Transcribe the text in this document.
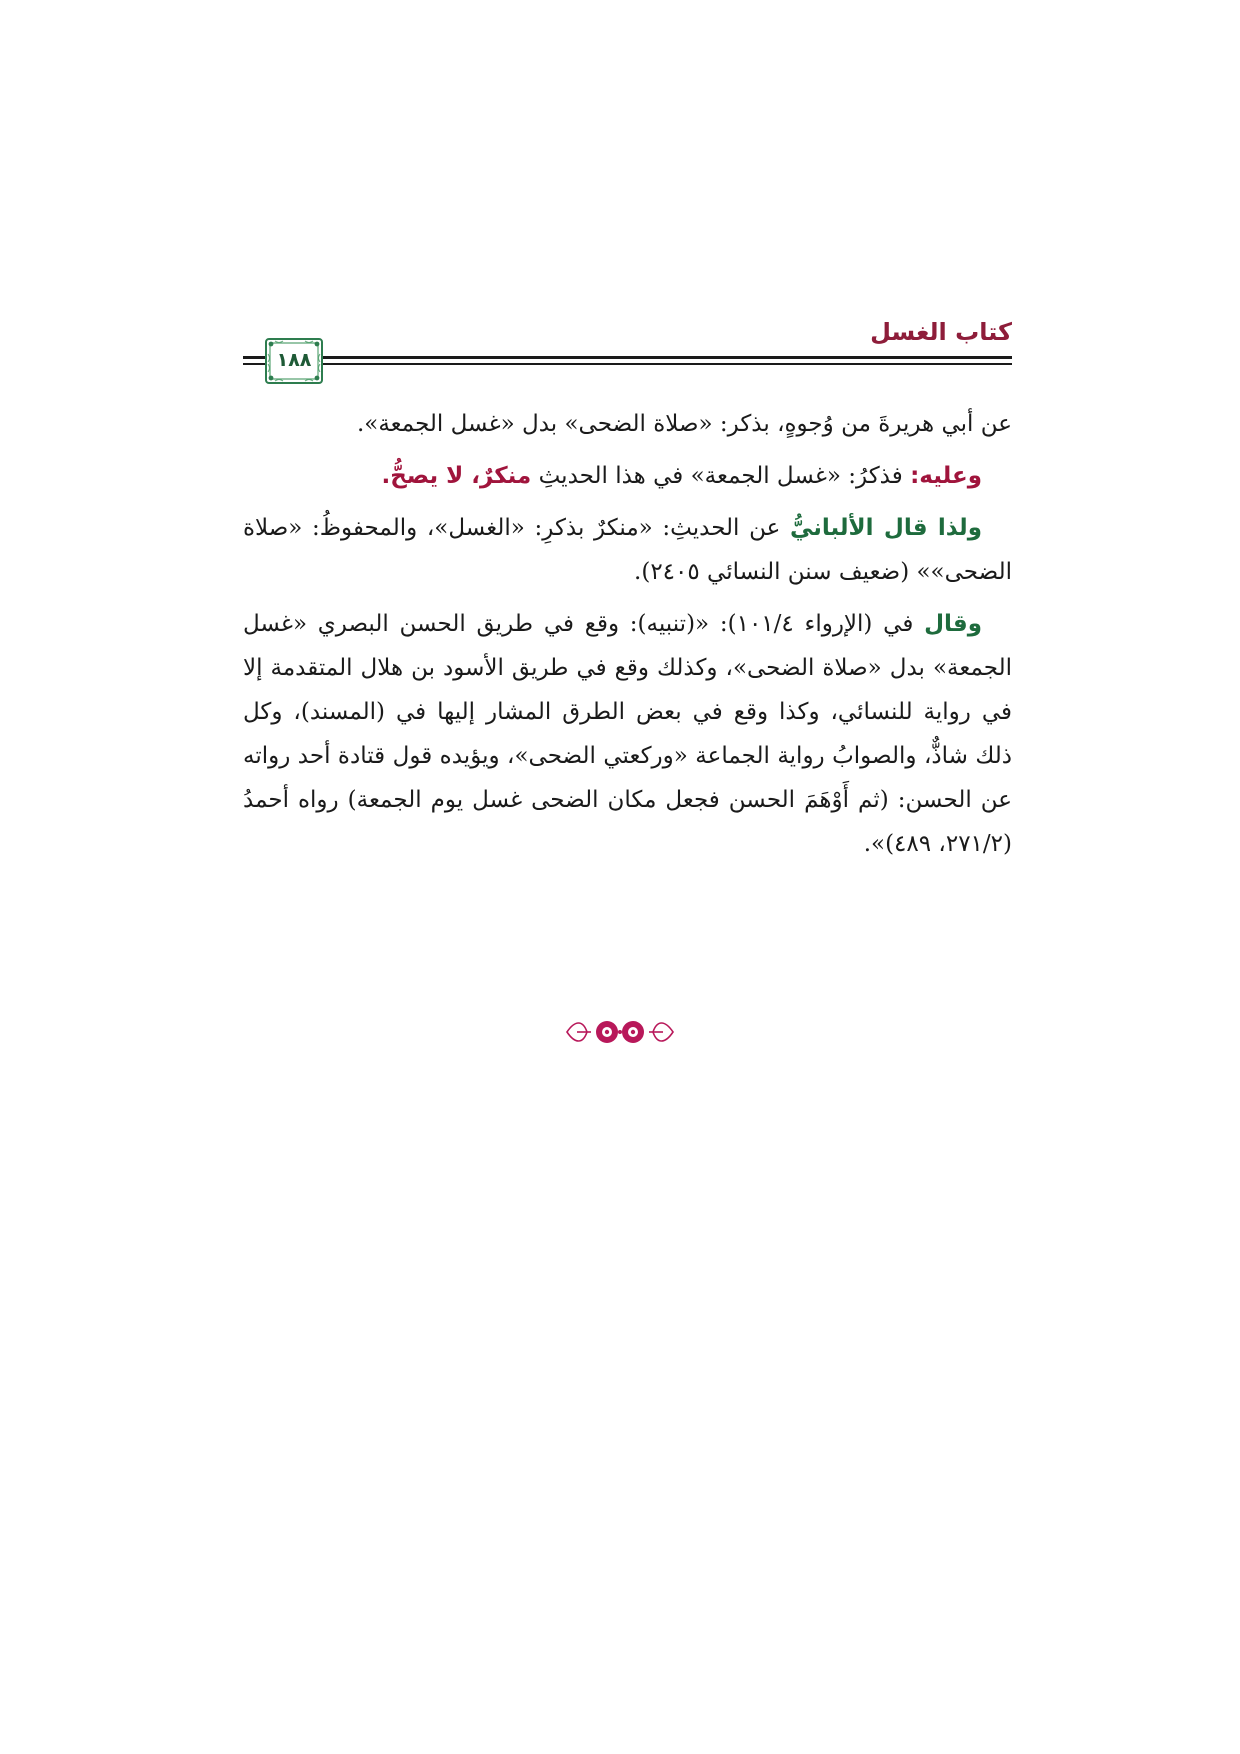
كتاب الغسل
١٨٨

عن أبي هريرةَ من وُجوهٍ، بذكر: «صلاة الضحى» بدل «غسل الجمعة».

وعليه: فذكرُ: «غسل الجمعة» في هذا الحديثِ منكرٌ، لا يصحُّ.

ولذا قال الألبانيُّ عن الحديثِ: «منكرٌ بذكرِ: «الغسل»، والمحفوظُ: «صلاة الضحى»» (ضعيف سنن النسائي ٢٤٠٥).

وقال في (الإرواء ١٠١/٤): «(تنبيه): وقع في طريق الحسن البصري «غسل الجمعة» بدل «صلاة الضحى»، وكذلك وقع في طريق الأسود بن هلال المتقدمة إلا في رواية للنسائي، وكذا وقع في بعض الطرق المشار إليها في (المسند)، وكل ذلك شاذٌّ، والصوابُ رواية الجماعة «وركعتي الضحى»، ويؤيده قول قتادة أحد رواته عن الحسن: (ثم أَوْهَمَ الحسن فجعل مكان الضحى غسل يوم الجمعة) رواه أحمدُ (٢٧١/٢، ٤٨٩)».
